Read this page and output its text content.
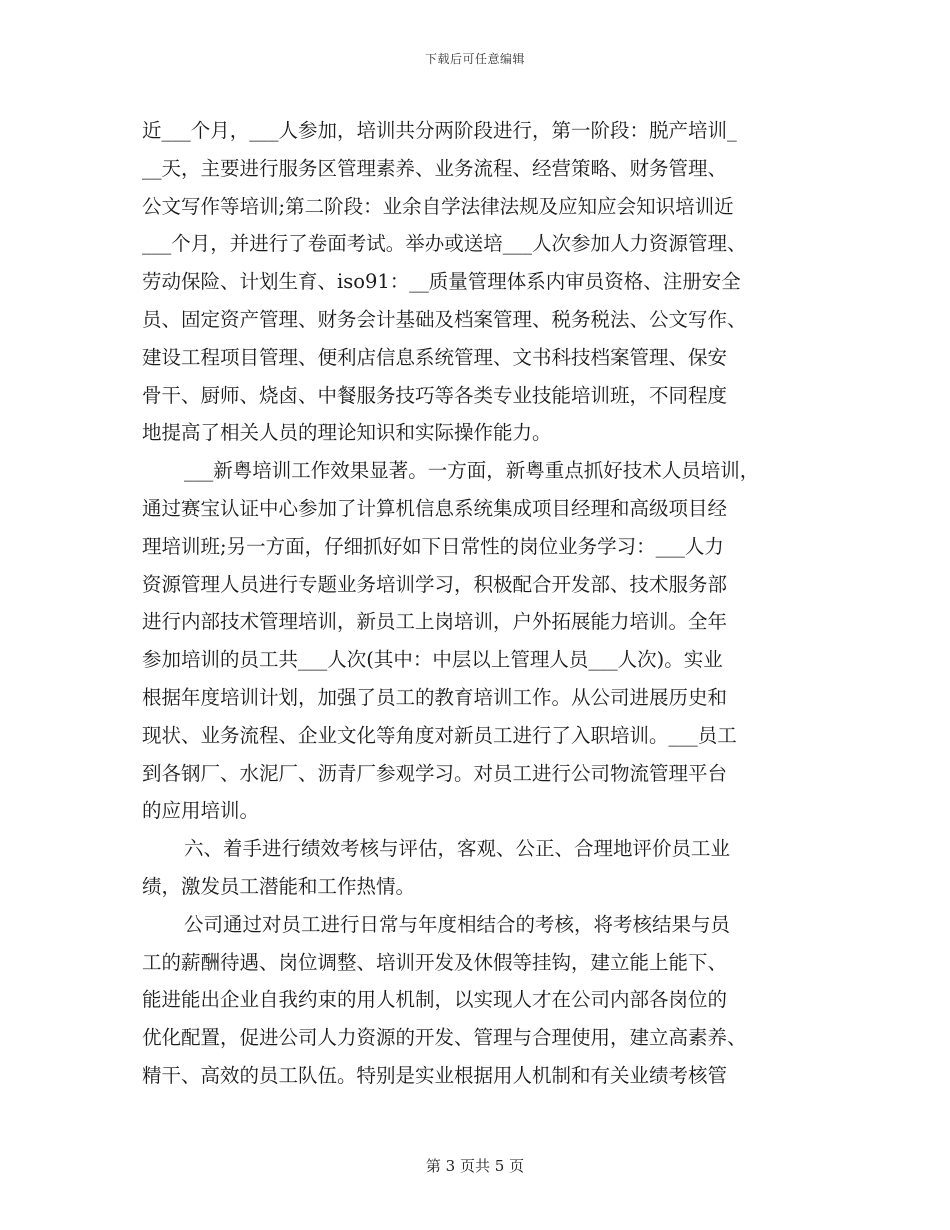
下载后可任意编辑
近___个月，___人参加，培训共分两阶段进行，第一阶段：脱产培训_
__天，主要进行服务区管理素养、业务流程、经营策略、财务管理、
公文写作等培训;第二阶段：业余自学法律法规及应知应会知识培训近
___个月，并进行了卷面考试。举办或送培___人次参加人力资源管理、
劳动保险、计划生育、iso91：__质量管理体系内审员资格、注册安全
员、固定资产管理、财务会计基础及档案管理、税务税法、公文写作、
建设工程项目管理、便利店信息系统管理、文书科技档案管理、保安
骨干、厨师、烧卤、中餐服务技巧等各类专业技能培训班，不同程度
地提高了相关人员的理论知识和实际操作能力。
___新粤培训工作效果显著。一方面，新粤重点抓好技术人员培训，
通过赛宝认证中心参加了计算机信息系统集成项目经理和高级项目经
理培训班;另一方面，仔细抓好如下日常性的岗位业务学习：___人力
资源管理人员进行专题业务培训学习，积极配合开发部、技术服务部
进行内部技术管理培训，新员工上岗培训，户外拓展能力培训。全年
参加培训的员工共___人次(其中：中层以上管理人员___人次)。实业
根据年度培训计划，加强了员工的教育培训工作。从公司进展历史和
现状、业务流程、企业文化等角度对新员工进行了入职培训。___员工
到各钢厂、水泥厂、沥青厂参观学习。对员工进行公司物流管理平台
的应用培训。
六、着手进行绩效考核与评估，客观、公正、合理地评价员工业
绩，激发员工潜能和工作热情。
公司通过对员工进行日常与年度相结合的考核，将考核结果与员
工的薪酬待遇、岗位调整、培训开发及休假等挂钩，建立能上能下、
能进能出企业自我约束的用人机制，以实现人才在公司内部各岗位的
优化配置，促进公司人力资源的开发、管理与合理使用，建立高素养、
精干、高效的员工队伍。特别是实业根据用人机制和有关业绩考核管
第 3 页共 5 页
